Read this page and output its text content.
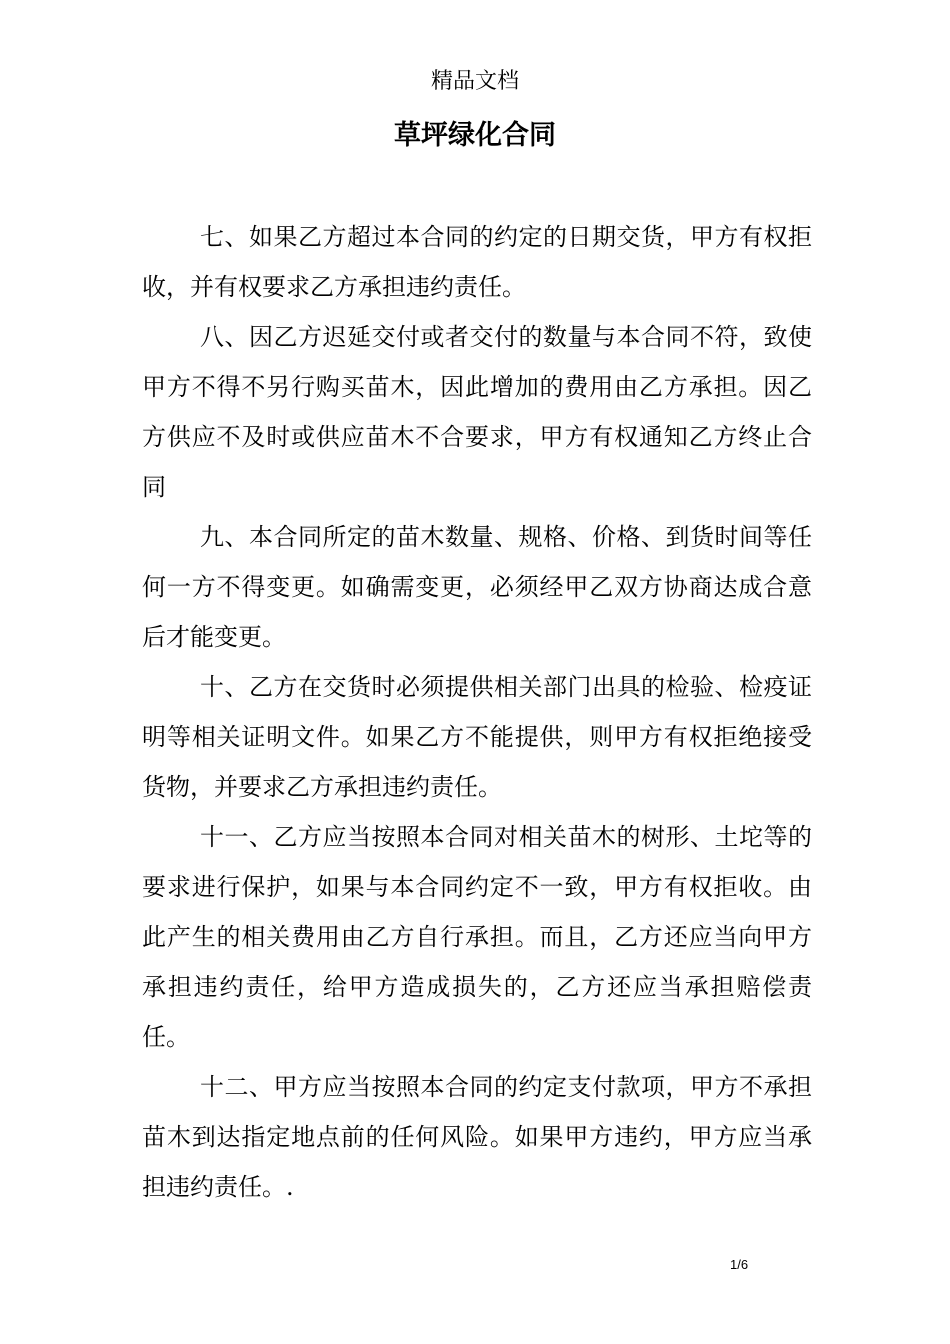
精品文档
草坪绿化合同

七、如果乙方超过本合同的约定的日期交货，甲方有权拒收，并有权要求乙方承担违约责任。

八、因乙方迟延交付或者交付的数量与本合同不符，致使甲方不得不另行购买苗木，因此增加的费用由乙方承担。因乙方供应不及时或供应苗木不合要求，甲方有权通知乙方终止合同

九、本合同所定的苗木数量、规格、价格、到货时间等任何一方不得变更。如确需变更，必须经甲乙双方协商达成合意后才能变更。

十、乙方在交货时必须提供相关部门出具的检验、检疫证明等相关证明文件。如果乙方不能提供，则甲方有权拒绝接受货物，并要求乙方承担违约责任。

十一、乙方应当按照本合同对相关苗木的树形、土坨等的要求进行保护，如果与本合同约定不一致，甲方有权拒收。由此产生的相关费用由乙方自行承担。而且，乙方还应当向甲方承担违约责任，给甲方造成损失的，乙方还应当承担赔偿责任。

十二、甲方应当按照本合同的约定支付款项，甲方不承担苗木到达指定地点前的任何风险。如果甲方违约，甲方应当承担违约责任。.

1/6
